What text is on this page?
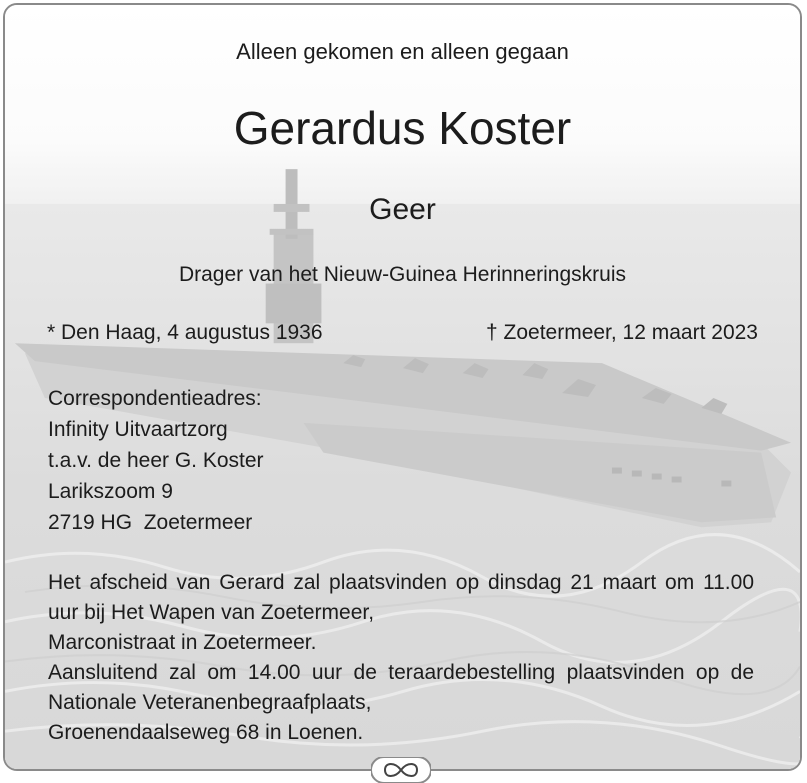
Alleen gekomen en alleen gegaan

Gerardus Koster

Geer

Drager van het Nieuw-Guinea Herinneringskruis

* Den Haag, 4 augustus 1936	† Zoetermeer, 12 maart 2023
Correspondentieadres:
Infinity Uitvaartzorg
t.a.v. de heer G. Koster
Larikszoom 9
2719 HG  Zoetermeer

Het afscheid van Gerard zal plaatsvinden op dinsdag 21 maart om 11.00 uur bij Het Wapen van Zoetermeer,

Marconistraat in Zoetermeer.

Aansluitend zal om 14.00 uur de teraardebestelling plaatsvinden op de Nationale Veteranenbegraafplaats,

Groenendaalseweg 68 in Loenen.
